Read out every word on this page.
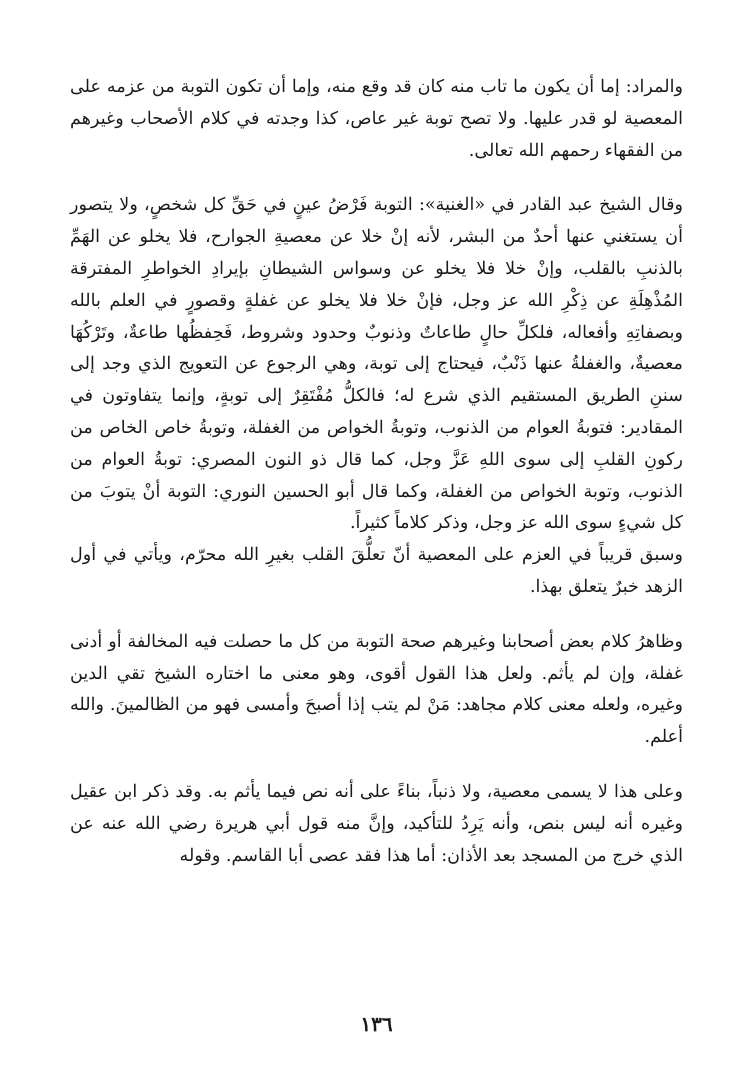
والمراد: إما أن يكون ما تاب منه كان قد وقع منه، وإما أن تكون التوبة من عزمه على المعصية لو قدر عليها. ولا تصح توبة غير عاص، كذا وجدته في كلام الأصحاب وغيرهم من الفقهاء رحمهم الله تعالى.

وقال الشيخ عبد القادر في «الغنية»: التوبة فَرْضُ عينٍ في حَقِّ كل شخصٍ، ولا يتصور أن يستغني عنها أحدٌ من البشر، لأنه إنْ خلا عن معصيةِ الجوارح، فلا يخلو عن الهَمِّ بالذنبِ بالقلب، وإنْ خلا فلا يخلو عن وسواس الشيطانِ بإيرادِ الخواطرِ المفترقة المُذْهِلَةِ عن ذِكْرِ الله عز وجل، فإنْ خلا فلا يخلو عن غفلةٍ وقصورٍ في العلم بالله وبصفاتِهِ وأفعاله، فلكلِّ حالٍ طاعاتٌ وذنوبٌ وحدود وشروط، فَحِفظُها طاعةٌ، وتَرْكُهَا معصيةٌ، والغفلةُ عنها ذَنْبٌ، فيحتاج إلى توبة، وهي الرجوع عن التعويج الذي وجد إلى سننِ الطريق المستقيم الذي شرع له؛ فالكلُّ مُفْتَقِرٌ إلى توبةٍ، وإنما يتفاوتون في المقادير: فتوبةُ العوام من الذنوب، وتوبةُ الخواص من الغفلة، وتوبةُ خاص الخاص من ركونِ القلبِ إلى سوى اللهِ عَزَّ وجل، كما قال ذو النون المصري: توبةُ العوام من الذنوب، وتوبة الخواص من الغفلة، وكما قال أبو الحسين النوري: التوبة أنْ يتوبَ من كل شيءٍ سوى الله عز وجل، وذكر كلاماً كثيراً.

وسبق قريباً في العزم على المعصية أنّ تعلُّقَ القلب بغيرِ الله محرّم، ويأتي في أول الزهد خبرٌ يتعلق بهذا.

وظاهرُ كلام بعض أصحابنا وغيرهم صحة التوبة من كل ما حصلت فيه المخالفة أو أدنى غفلة، وإن لم يأثم. ولعل هذا القول أقوى، وهو معنى ما اختاره الشيخ تقي الدين وغيره، ولعله معنى كلام مجاهد: مَنْ لم يتب إذا أصبحَ وأمسى فهو من الظالمينَ. والله أعلم.

وعلى هذا لا يسمى معصية، ولا ذنباً، بناءً على أنه نص فيما يأثم به. وقد ذكر ابن عقيل وغيره أنه ليس بنص، وأنه يَرِدُ للتأكيد، وإنَّ منه قول أبي هريرة رضي الله عنه عن الذي خرج من المسجد بعد الأذان: أما هذا فقد عصى أبا القاسم. وقوله

١٣٦
